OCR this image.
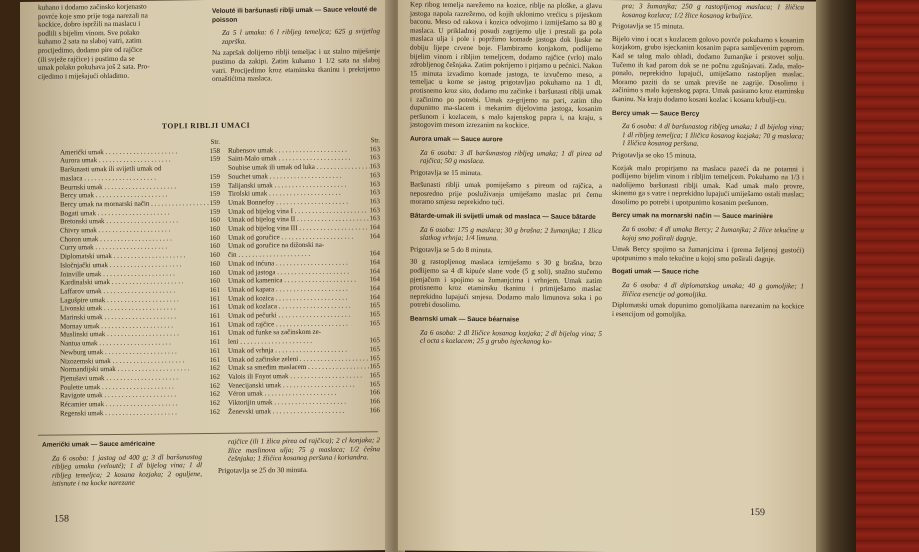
kuhano i dodamo začinsko korjenasto
povrće koje smo prije toga narezali na
kockice, dobro ispržili na maslacu i
podlili s bijelim vinom. Sve polako
kuhamo 2 sata na slaboj vatri, zatim
procijedimo, dodamo pire od rajčice
(ili svježe rajčice) i pustimo da se
umak polako pokuhava još 2 sata. Pro-
cijedimo i miješajući ohladimo.
Velouté ili baršunasti riblji umak — Sauce velouté de poisson
Za 5 l umaka: 6 l ribljeg temeljca; 625 g svijetlog zaprška.
Na zapršak dolijemo riblji temeljac i uz stalno miješanje pustimo da zakipi. Zatim kuhamo 1 1/2 sata na slaboj vatri. Procijedimo kroz etaminsku tkaninu i prekrijemo ornaštićima maslaca.
TOPLI RIBLJI UMACI
Str.
Američki umak . . .	158
Aurora umak . . .	159
Baršunasti umak ili svijetli umak od
maslaca . . .	159
Beurnski umak . . .	159
Bercy umak . . .	159
Bercy umak na mornarski način . . .	159
Bogati umak . . .	159
Bretonski umak . . .	160
Chivry umak . . .	160
Choron umak . . .	160
Curry umak . . .	160
Diplomatski umak . . .	160
Isločnjački umak . . .	160
Joinville umak . . .	160
Kardinalski umak . . .	160
Laffarov umak . . .	161
Lagušpire umak . . .	161
Livonski umak . . .	161
Marinski umak . . .	161
Mornay umak . . .	161
Muslinski umak . . .	161
Nantua umak . . .	161
Newburg umak . . .	161
Nizozemski umak . . .	161
Normandijski umak . . .	162
Pjenušavi umak . . .	162
Poulette umak . . .	162
Ravigote umak . . .	162
Récamier umak . . .	162
Regenski umak . . .	162
Str.
Rubensov umak . . .	163
Saint-Malo umak . . .	163
Soubise umak ili umak od luka . . .	163
Souchet umak . . .	163
Talijanski umak . . .	163
Tirolski umak . . .	163
Umak Bonnefoy . . .	163
Umak od bijelog vina I . . .	163
Umak od bijelog vina II . . .	163
Umak od bijelog vina III . . .	164
Umak od goručice . . .	164
Umak od goručice na dižonski na-
čin . . .	164
Umak od inćuna . . .	164
Umak od jastoga . . .	164
Umak od kamenica . . .	164
Umak od kapara . . .	164
Umak od kozica . . .	164
Umak od kozlaca . . .	165
Umak od pečurki . . .	165
Umak od rajčice . . .	165
Umak od funke sa začinskom ze-
leni . . .	165
Umak od vrhnja . . .	165
Umak od začinske zeleni . . .	165
Umak sa smeđim maslacem . . .	165
Valois ili Foyot umak . . .	165
Venecijanski umak . . .	165
Véron umak . . .	166
Viktorijin umak . . .	166
Ženevski umak . . .	166
Američki umak — Sauce américaine
Za 6 osoba: 1 jastog od 400 g; 3 dl baršunastog ribljeg umaka (velouté); 1 dl bijelog vina; 1 dl ribljeg temeljca; 2 kosana kozjaka; 2 ogulјene, istisnute i na kocke narezane
rajčice (ili 1 žlica pirea od rajčica); 2 cl konjaka; 2 žlice maslinova ulja; 75 g maslaca; 1/2 češna češnjaka; 1 žličica kosanog peršuna i koriandra.
Prigotavlja se 25 do 30 minuta.
158
Kep ribog temelja narežemo na kozice, riblje na ploške, a glavu jastoga napola razrežemo, od kojih uklonimo vrećicu s pijeskom baconu. Meso od rakova i kozica odvojimo i izmiješamo sa 80 g maslaca. U prikladnoj posudi zagrijemo ulje i prestali ga pola maslaca ulja i pole i popržimo komade jastoga dok ljuske ne dobiju lijepe crvene boje. Flambiramo konjakom, podlijemo bijelim vinom i ribljim temeljcem, dodamo rajčice (vrlo) malo zdrobljenog češnjaka. Zatim pokrijemo i pirjamo u pećnici. Nakon 15 minuta izvadimo komade jastoga, te izvučemo meso, a temeljac u kome se jastog prigotavljao pokuhamo na 1 dl, protisnemo kroz sito, dodamo mu začinke i baršunasti riblji umak i začinimo po potrebi. Umak za-grijemo na pari, zatim tiho dupunimo ma-slacem i mekanim dijelovima jastoga, kosanim peršunom i kozlacem, s malo kajenskog papra i, na kraju, s jastogovim mesom izrezanim na kockice.
Aurora umak — Sauce aurore
Za 6 osoba: 3 dl baršunastog ribljeg umaka; 1 dl pirea od rajčica; 50 g maslaca.
Prigotavlja se 15 minuta.
Baršunasti riblji umak pomiješamo s pireom od rajčica, a neposredno prije posluživanja umiješamo maslac pri čemu moramo smjesu neprekidno tući.
Bâtarde-umak ili svijetli umak od maslaca — Sauce bâtarde
Za 6 osoba: 175 g maslaca; 30 g brašna; 2 žumanjka; 1 žlica slatkog vrhnja; 1/4 limuna.
Prigotavlja se 5 do 8 minuta.
30 g rastopljenog maslaca izmiješamo s 30 g brašna, brzo podlijemo sa 4 dl kipuće slane vode (5 g soli), snažno stučemo pjenjačom i spojimo sa žumanjcima i vrhnjem. Umak zatim protisnemo kroz etaminsku tkaninu i primiješamo maslac neprekidno lupajući smjesu. Dodamo malo limunova soka i po potrebi dosolimo.
Bearnski umak — Sauce béarnaise
Za 6 osoba: 2 dl žličice kosanog kozjaka; 2 dl bijelog vina; 5 cl octa s kozlacem; 25 g grubo isjeckanog ko-
pra; 3 žumanjka; 250 g rastopljenog maslaca; 1 žličica kosanog kozlaca; 1/2 žlice kosanog krbuljice.
Prigotavlja se 15 minuta.
Bijelo vino i ocat s kozlacem golovo povrće pokuhamo s kosanim kozjakom, grubo isjeckanim kosanim papra samljevenim paprom. Kad se talog malo ohladi, dodamo žumanjke i prstovet solju. Tučemo ih kad parom dok se ne počnu zgušnjavati. Zada, malo-ponalo, neprekidno lupajući, umiješamo rastopljen maslac. Moramo paziti da se umak previše ne zagrije. Dosolimo i začinimo s malo kajenskog papra. Umak pasiramo kroz etaminsku tkaninu. Na kraju dodamo kosani kozlac i kosanu krbulji-cu.
Bercy umak — Sauce Bercy
Za 6 osoba: 4 dl baršunastog ribljeg umaka; 1 dl bijelog vina; 1 dl ribljeg temeljca; 1 žličica kosanog kozjaka; 70 g maslaca; 1 žličica kosanog peršuna.
Prigotavlja se oko 15 minuta.
Kozjak malo propirjamo na maslacu pazeći da ne potamni i podlijemo bijelim vinom i ribljim temeljcem. Pokuhamo na 1/3 i nadolijemo baršunasti riblji umak. Kad umak malo provre, skinemo ga s vatre i neprekidno lupajući umiješamo ostali maslac; dosolimo po potrebi i upotpunimo kosanim peršunom.
Bercy umak na mornarski način — Sauce marinière
Za 6 osoba: 4 dl umaka Bercy; 2 žumanjka; 2 žlice tekućine u kojoj smo poširali dagnje.
Umak Bercy spojimo sa žumanjcima i (prema željenoj gustoći) upotpunimo s malo tekućine u kojoj smo poširali dagnje.
Bogati umak — Sauce riche
Za 6 osoba: 4 dl diplomatskog umaka; 40 g gomoljike; 1 žličica esencije od gomoljika.
Diplomatski umak dopunimo gomoljikama narezanim na kockice i esencijom od gomoljika.
159
